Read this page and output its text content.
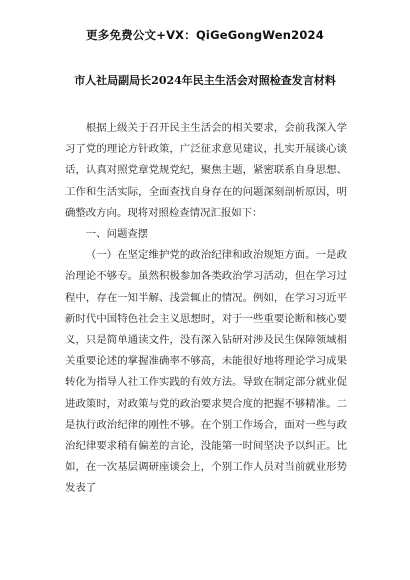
更多免费公文+VX：QiGeGongWen2024
市人社局副局长2024年民主生活会对照检查发言材料

根据上级关于召开民主生活会的相关要求，会前我深入学习了党的理论方针政策，广泛征求意见建议，扎实开展谈心谈话，认真对照党章党规党纪，聚焦主题，紧密联系自身思想、工作和生活实际，全面查找自身存在的问题深刻剖析原因，明确整改方向。现将对照检查情况汇报如下：

一、问题查摆

（一）在坚定维护党的政治纪律和政治规矩方面。一是政治理论不够专。虽然积极参加各类政治学习活动，但在学习过程中，存在一知半解、浅尝辄止的情况。例如，在学习习近平新时代中国特色社会主义思想时，对于一些重要论断和核心要义，只是简单通读文件，没有深入钻研对涉及民生保障领域相关重要论述的掌握准确率不够高，未能很好地将理论学习成果转化为指导人社工作实践的有效方法。导致在制定部分就业促进政策时，对政策与党的政治要求契合度的把握不够精准。二是执行政治纪律的刚性不够。在个别工作场合，面对一些与政治纪律要求稍有偏差的言论，没能第一时间坚决予以纠正。比如，在一次基层调研座谈会上，个别工作人员对当前就业形势发表了
